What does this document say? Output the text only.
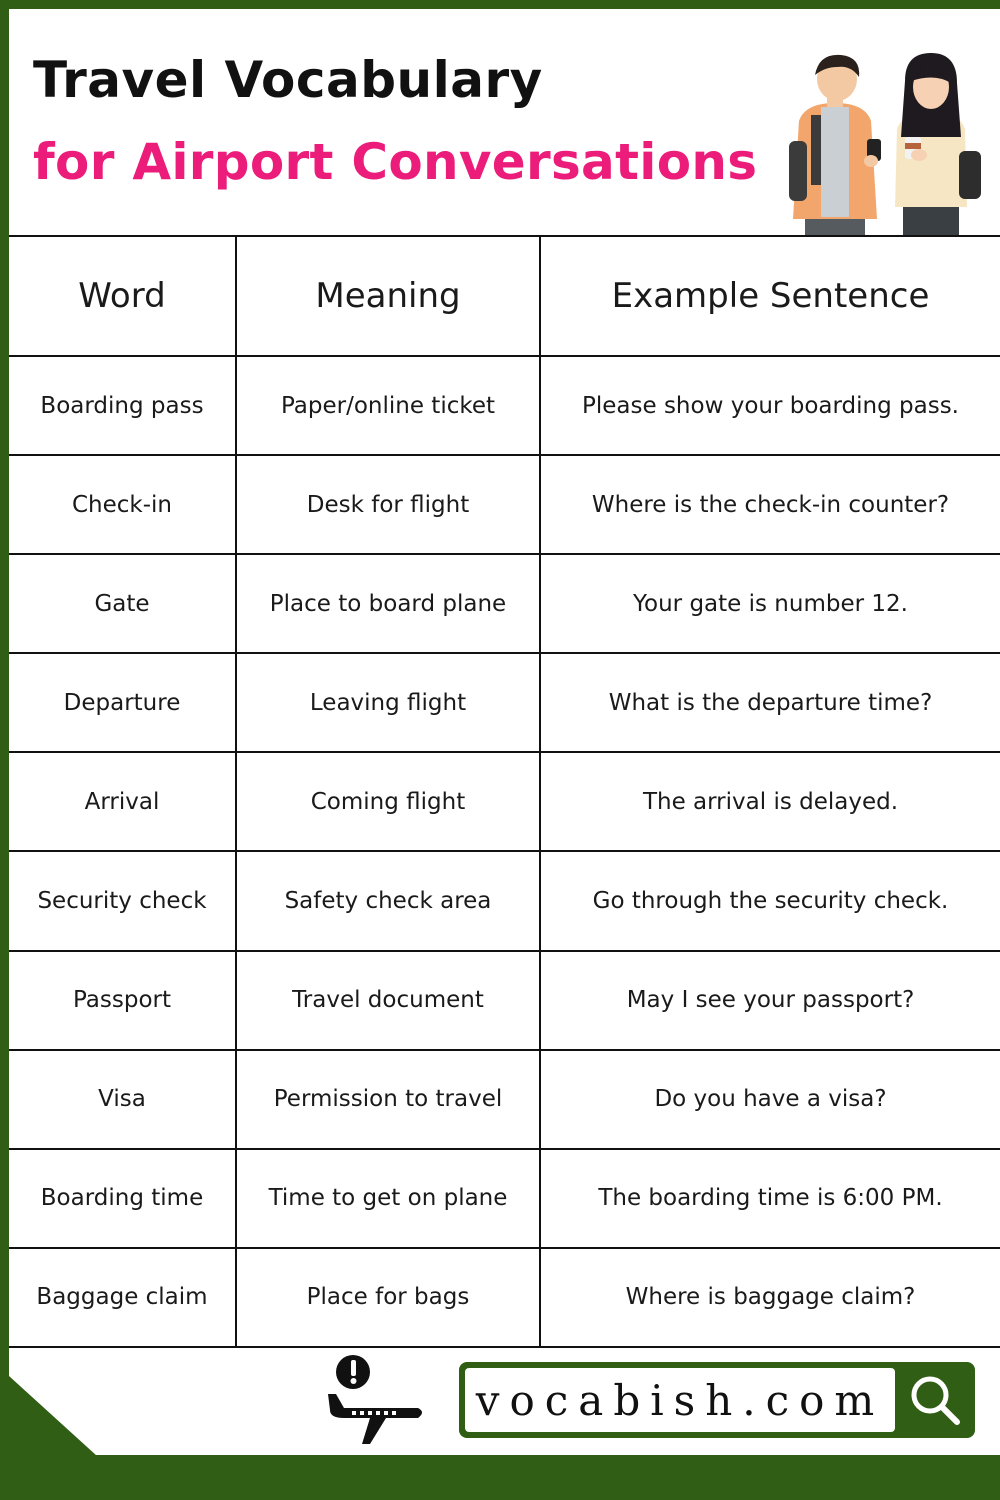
Travel Vocabulary
for Airport Conversations
Word	Meaning	Example Sentence
Boarding pass	Paper/online ticket	Please show your boarding pass.
Check-in	Desk for flight	Where is the check-in counter?
Gate	Place to board plane	Your gate is number 12.
Departure	Leaving flight	What is the departure time?
Arrival	Coming flight	The arrival is delayed.
Security check	Safety check area	Go through the security check.
Passport	Travel document	May I see your passport?
Visa	Permission to travel	Do you have a visa?
Boarding time	Time to get on plane	The boarding time is 6:00 PM.
Baggage claim	Place for bags	Where is baggage claim?
vocabish.com
